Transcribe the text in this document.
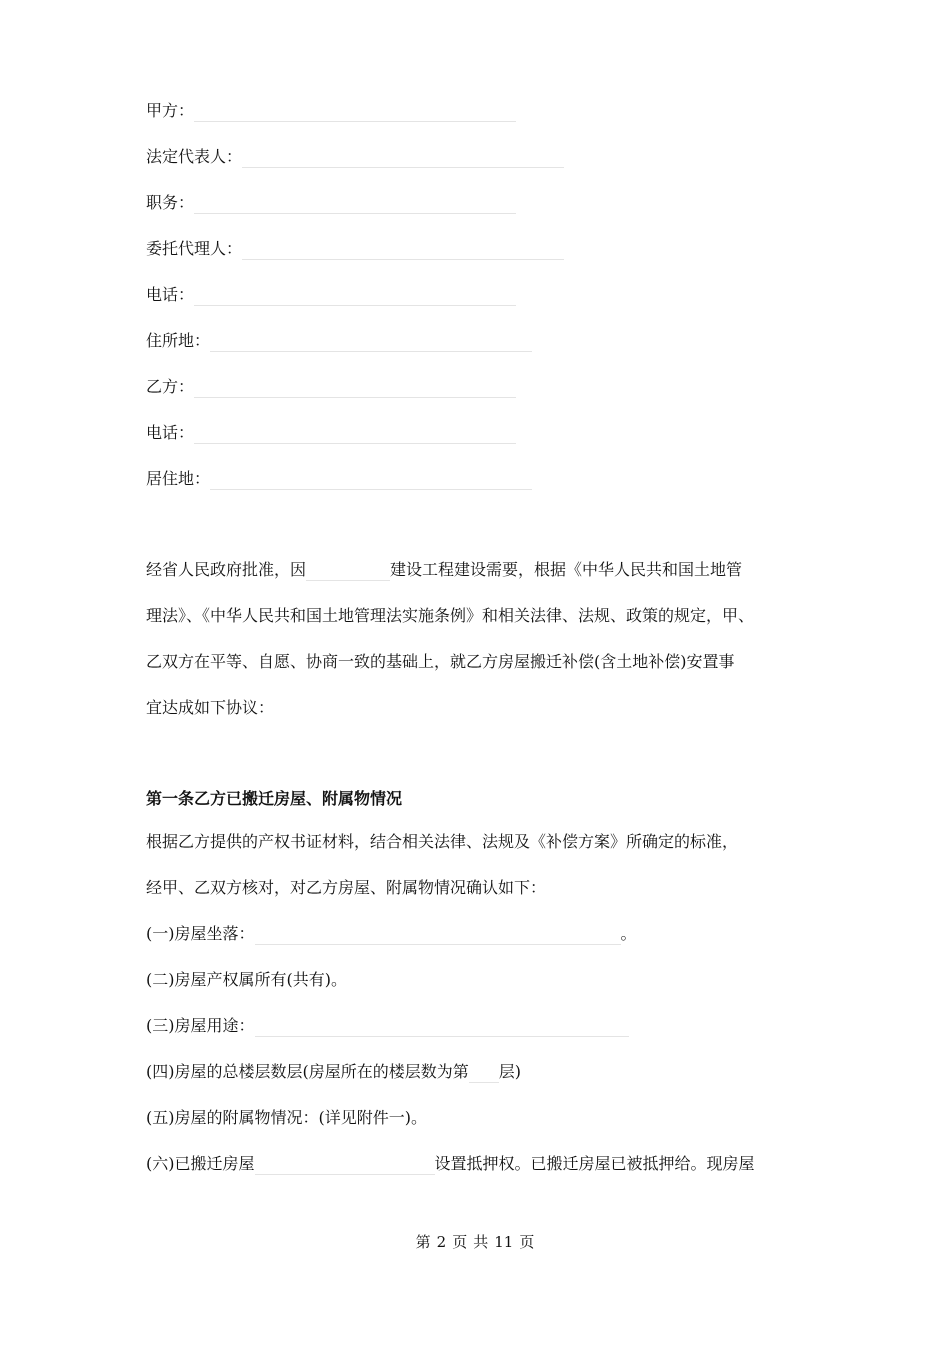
甲方：
法定代表人：
职务：
委托代理人：
电话：
住所地：
乙方：
电话：
居住地：
经省人民政府批准，因	建设工程建设需要，根据《中华人民共和国土地管
理法》、《中华人民共和国土地管理法实施条例》和相关法律、法规、政策的规定，甲、
乙双方在平等、自愿、协商一致的基础上，就乙方房屋搬迁补偿(含土地补偿)安置事
宜达成如下协议：
第一条乙方已搬迁房屋、附属物情况
根据乙方提供的产权书证材料，结合相关法律、法规及《补偿方案》所确定的标准，
经甲、乙双方核对，对乙方房屋、附属物情况确认如下：
(一)房屋坐落：	。
(二)房屋产权属所有(共有)。
(三)房屋用途：
(四)房屋的总楼层数层(房屋所在的楼层数为第 层)
(五)房屋的附属物情况：(详见附件一)。
(六)已搬迁房屋	设置抵押权。已搬迁房屋已被抵押给。现房屋
第 2 页 共 11 页
